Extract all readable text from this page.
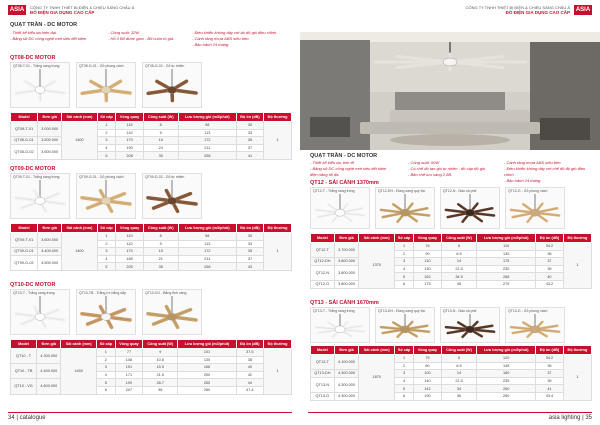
ASIA	CÔNG TY TNHH THIẾT BỊ ĐIỆN & CHIẾU SÁNG CHÂU Á
ĐỒ ĐIỆN GIA DỤNG CAO CẤP
QUẠT TRẦN - DC MOTOR
- Thiết kế kiểu dạ hiện đại.
- Bảng sử DC công nghệ mới siêu tiết kiệm
- Công suất: 32W
- Hỗ 3 Bố được giao - Bố cuộn tô giá.
- Điều khiển không dây với bộ độ gió điều chỉnh.
- Cánh tăng nhựa ABS siêu bền.
- Bảo hành 24 tháng.
QT08-DC MOTOR
QT08-T-01 - Trắng sang trọng	QT08-G-01 - Gỗ phong cách	QT08-G-02 - Gỗ tự nhiên
Model	Đơn giá	Sải cánh (mm)	Số cấp	Vòng quay	Công suất (W)	Lưu lượng gió (m3/phút)	Độ ồn (dB)	Độ thường
QT08-T-01	3.000.000	1400	1	115	8	98	30	1
			2	142	9	113	33	
QT08-G-01	3.500.000		3	170	16	172	35	
QT08-G-02	3.600.000		4	190	24	211	37	
			5	208	30	258	41	
QT09-DC MOTOR
QT09-T-01 - Trắng sang trọng	QT09-G-01 - Gỗ phong cách	QT09-G-02 - Gỗ tự nhiên
Model	Đơn giá	Sải cánh (mm)	Số cấp	Vòng quay	Công suất (W)	Lưu lượng gió (m3/phút)	Độ ồn (dB)	Độ thường
QT09-T-01	3.600.000	1400	1	119	8	98	30	1
			2	142	9	113	33	
QT09-G-01	4.400.000		3	170	15	172	35	
QT09-G-02	4.500.000		4	185	21	211	37	
			5	205	35	258	43	
QT10-DC MOTOR
QT10-T - Trắng sang trọng	QT10-TB - Trắng ức bằng sắp	QT10-VG - Bằng tỉnh vàng
Model	Đơn giá	Sải cánh (mm)	Số cấp	Vòng quay	Công suất (W)	Lưu lượng gió (m3/phút)	Độ ồn (dB)	Độ thường
QT10 - T	4.300.000	1450	1	77	9	101	37.5	1
			2	108	10.8	130	38	
QT10 - TB	4.400.000		3	151	15.5	166	40	
			4	171	21.5	250	42	
QT10 - VG	4.600.000		5	190	28.7	250	44	
			6	207	38	280	47.4	
34 | catalogue
ASIA
CÔNG TY TNHH THIẾT BỊ ĐIỆN & CHIẾU SÁNG CHÂU Á
ĐỒ ĐIỆN GIA DỤNG CAO CẤP
QUẠT TRẦN - DC MOTOR
- Thiết kế kiểu dạ, tinh tế.
- Bảng sử DC công nghệ mới siêu tiết kiệm
điện năng tối đa.
- Công suất: 50W
- Có chế độ tạo gió tự nhiên - đồ cập độ giò.
- Bảo chế lưu sáng 2,8B.
- Cánh tăng nhựa ABS siêu bền.
- Điều khiển không dây với chế độ độ gió điều chỉnh.
- Bảo hành 24 tháng.
QT12 - SẢI CÁNH 1370mm
QT12-T - Trắng sang trọng	QT12-DH - Đồng sang quý tộc	QT12-N - Nâu cà phê	QT12-G - Gỗ phong cách
Model	Đơn giá	Sải cánh (mm)	Số cấp	Vòng quay	Công suất (W)	Lưu lượng gió (m3/phút)	Độ ồn (dB)	Độ thường
QT12-T	3.700.000	1370	1	76	6	110	34.2	1
			2	90	6.5	130	36	
QT12-DH	3.800.000		3	110	14	175	37	
QT12-N	3.800.000		4	130	21.5	230	39	
			5	152	34.5	268	40	
QT12-G	3.800.000		6	175	45	279	43.2	
QT13 - SẢI CÁNH 1670mm
QT13-T - Trắng sang trọng	QT13-DH - Đồng sang quý tộc	QT13-N - Nâu cà phê	QT13-G - Gỗ phong cách
Model	Đơn giá	Sải cánh (mm)	Số cấp	Vòng quay	Công suất (W)	Lưu lượng gió (m3/phút)	Độ ồn (dB)	Độ thường
QT13-T	4.100.000	1670	1	75	5	120	34.2	1
			2	80	6.5	145	35	
QT13-DH	4.300.000		3	100	14	180	37	
QT13-N	4.300.000		4	140	21.5	235	39	
			5	142	34	260	41	
QT13-G	4.300.000		6	190	36	280	43.4	
asia lighting | 35
